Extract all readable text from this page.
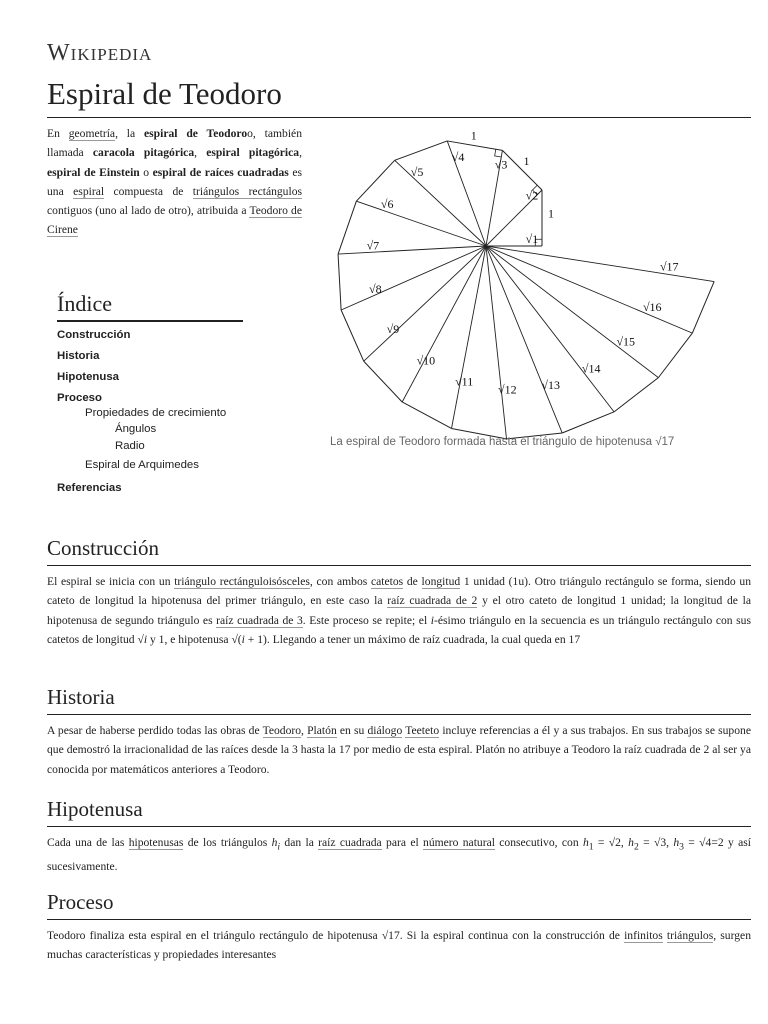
Wikipedia
Espiral de Teodoro
En geometría, la espiral de Teodoroo, también llamada caracola pitagórica, espiral pitagórica, espiral de Einstein o espiral de raíces cuadradas es una espiral compuesta de triángulos rectángulos contiguos (uno al lado de otro), atribuida a Teodoro de Cirene
1
1
1
√1
√2
√3
√4
√5
√6
√7
√8
√9
√10
√11
√12 √13
√14
√15
√16
√17
La espiral de Teodoro formada hasta el triángulo de hipotenusa √17
Índice
Construcción
Historia
Hipotenusa
Proceso
Propiedades de crecimiento
Ángulos
Radio
Espiral de Arquimedes
Referencias
Construcción
El espiral se inicia con un triángulo rectánguloisósceles, con ambos catetos de longitud 1 unidad (1u). Otro triángulo rectángulo se forma, siendo un cateto de longitud la hipotenusa del primer triángulo, en este caso la raíz cuadrada de 2 y el otro cateto de longitud 1 unidad; la longitud de la hipotenusa de segundo triángulo es raíz cuadrada de 3. Este proceso se repite; el i-ésimo triángulo en la secuencia es un triángulo rectángulo con sus catetos de longitud √i y 1, e hipotenusa √(i + 1). Llegando a tener un máximo de raíz cuadrada, la cual queda en 17
Historia
A pesar de haberse perdido todas las obras de Teodoro, Platón en su diálogo Teeteto incluye referencias a él y a sus trabajos. En sus trabajos se supone que demostró la irracionalidad de las raíces desde la 3 hasta la 17 por medio de esta espiral. Platón no atribuye a Teodoro la raíz cuadrada de 2 al ser ya conocida por matemáticos anteriores a Teodoro.
Hipotenusa
Cada una de las hipotenusas de los triángulos $h_i$ dan la raíz cuadrada para el número natural consecutivo, con $h_1 = √2$, $h_2 = √3$, $h_3 = √4=2$ y así sucesivamente.
Proceso
Teodoro finaliza esta espiral en el triángulo rectángulo de hipotenusa √17. Si la espiral continua con la construcción de infinitos triángulos, surgen muchas características y propiedades interesantes
